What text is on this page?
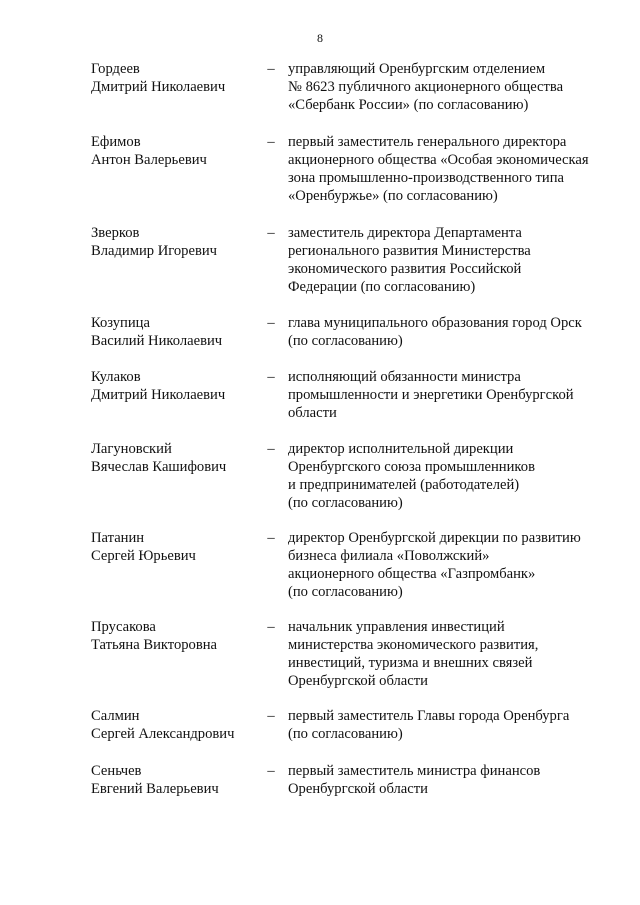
8
Гордеев
Дмитрий Николаевич
– управляющий Оренбургским отделением
№ 8623 публичного акционерного общества
«Сбербанк России» (по согласованию)
Ефимов
Антон Валерьевич
– первый заместитель генерального директора
акционерного общества «Особая экономическая
зона промышленно-производственного типа
«Оренбуржье» (по согласованию)
Зверков
Владимир Игоревич
– заместитель директора Департамента
регионального развития Министерства
экономического развития Российской
Федерации (по согласованию)
Козупица
Василий Николаевич
– глава муниципального образования город Орск
(по согласованию)
Кулаков
Дмитрий Николаевич
– исполняющий обязанности министра
промышленности и энергетики Оренбургской
области
Лагуновский
Вячеслав Кашифович
– директор исполнительной дирекции
Оренбургского союза промышленников
и предпринимателей (работодателей)
(по согласованию)
Патанин
Сергей Юрьевич
– директор Оренбургской дирекции по развитию
бизнеса филиала «Поволжский»
акционерного общества «Газпромбанк»
(по согласованию)
Прусакова
Татьяна Викторовна
– начальник управления инвестиций
министерства экономического развития,
инвестиций, туризма и внешних связей
Оренбургской области
Салмин
Сергей Александрович
– первый заместитель Главы города Оренбурга
(по согласованию)
Сеньчев
Евгений Валерьевич
– первый заместитель министра финансов
Оренбургской области
